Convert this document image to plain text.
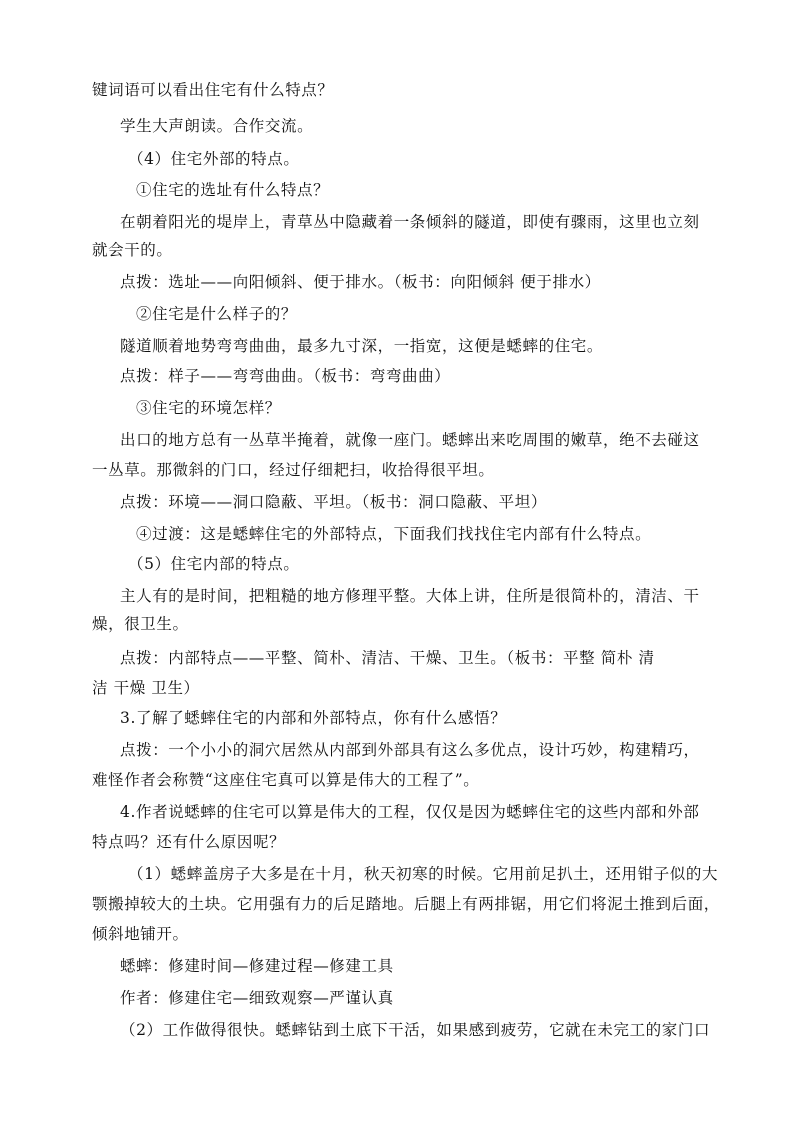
键词语可以看出住宅有什么特点？
学生大声朗读。合作交流。
（4）住宅外部的特点。
①住宅的选址有什么特点？
在朝着阳光的堤岸上，青草丛中隐藏着一条倾斜的隧道，即使有骤雨，这里也立刻
就会干的。
点拨：选址——向阳倾斜、便于排水。（板书：向阳倾斜 便于排水）
②住宅是什么样子的？
隧道顺着地势弯弯曲曲，最多九寸深，一指宽，这便是蟋蟀的住宅。
点拨：样子——弯弯曲曲。（板书：弯弯曲曲）
③住宅的环境怎样？
出口的地方总有一丛草半掩着，就像一座门。蟋蟀出来吃周围的嫩草，绝不去碰这
一丛草。那微斜的门口，经过仔细耙扫，收拾得很平坦。
点拨：环境——洞口隐蔽、平坦。（板书：洞口隐蔽、平坦）
④过渡：这是蟋蟀住宅的外部特点，下面我们找找住宅内部有什么特点。
（5）住宅内部的特点。
主人有的是时间，把粗糙的地方修理平整。大体上讲，住所是很简朴的，清洁、干
燥，很卫生。
点拨：内部特点——平整、简朴、清洁、干燥、卫生。（板书：平整 简朴 清
洁 干燥 卫生）
3.了解了蟋蟀住宅的内部和外部特点，你有什么感悟？
点拨：一个小小的洞穴居然从内部到外部具有这么多优点，设计巧妙，构建精巧，
难怪作者会称赞“这座住宅真可以算是伟大的工程了”。
4.作者说蟋蟀的住宅可以算是伟大的工程，仅仅是因为蟋蟀住宅的这些内部和外部
特点吗？还有什么原因呢？
（1）蟋蟀盖房子大多是在十月，秋天初寒的时候。它用前足扒土，还用钳子似的大
颚搬掉较大的土块。它用强有力的后足踏地。后腿上有两排锯，用它们将泥土推到后面，
倾斜地铺开。
蟋蟀：修建时间—修建过程—修建工具
作者：修建住宅—细致观察—严谨认真
（2）工作做得很快。蟋蟀钻到土底下干活，如果感到疲劳，它就在未完工的家门口
